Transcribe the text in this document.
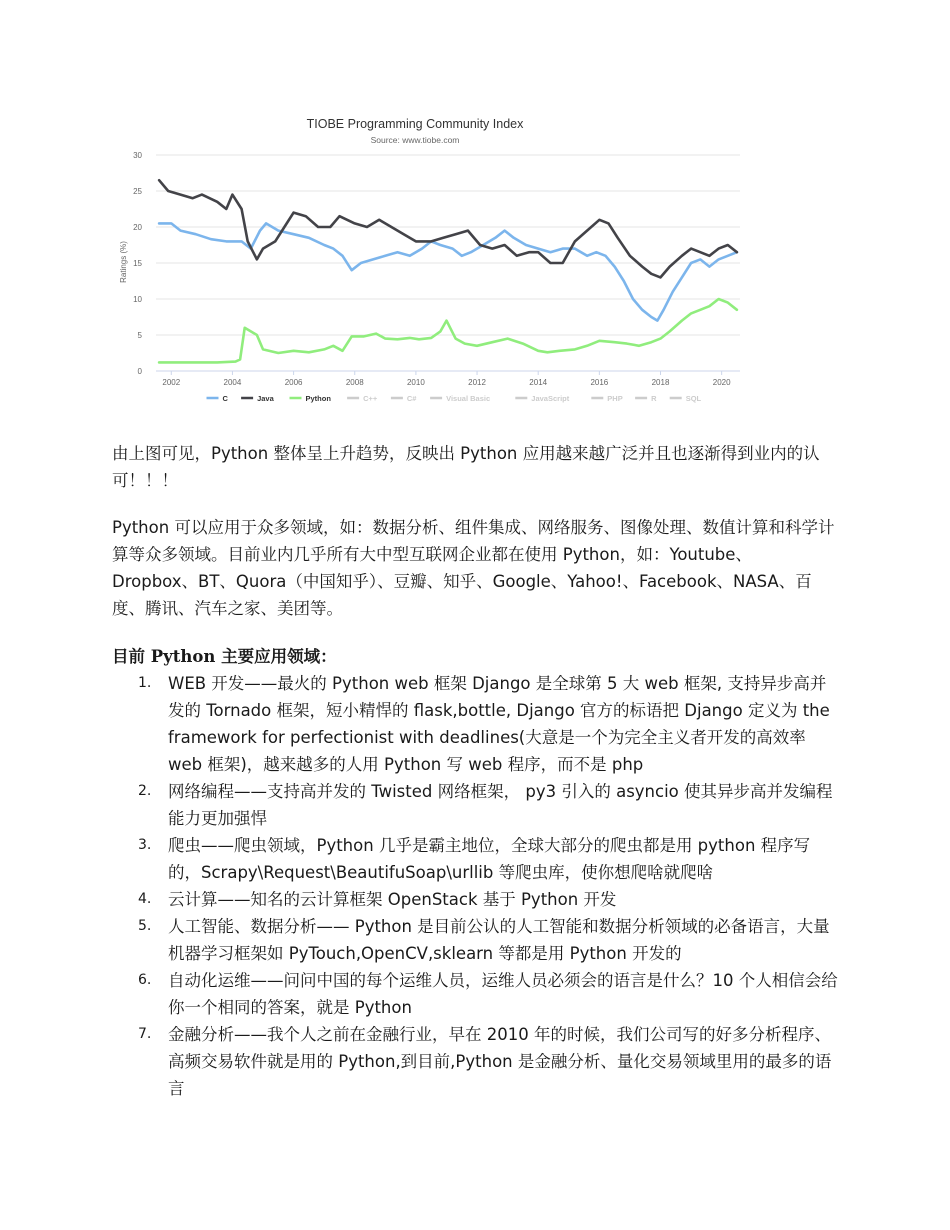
TIOBE Programming Community Index
Source: www.tiobe.com
Ratings (%)
0
5
10
15
20
25
30
2002	2004	2006	2008	2010	2012	2014	2016	2018	2020
C	Java	Python	C++	C#	Visual Basic	JavaScript	PHP	R	SQL

由上图可见，Python 整体呈上升趋势，反映出 Python 应用越来越广泛并且也逐渐得到业内的认可！！！

Python 可以应用于众多领域，如：数据分析、组件集成、网络服务、图像处理、数值计算和科学计算等众多领域。目前业内几乎所有大中型互联网企业都在使用 Python，如：Youtube、Dropbox、BT、Quora（中国知乎）、豆瓣、知乎、Google、Yahoo!、Facebook、NASA、百度、腾讯、汽车之家、美团等。

目前 Python 主要应用领域：

1. WEB 开发——最火的 Python web 框架 Django 是全球第 5 大 web 框架, 支持异步高并发的 Tornado 框架，短小精悍的 flask,bottle, Django 官方的标语把 Django 定义为 the framework for perfectionist with deadlines(大意是一个为完全主义者开发的高效率 web 框架)，越来越多的人用 Python 写 web 程序，而不是 php
2. 网络编程——支持高并发的 Twisted 网络框架， py3 引入的 asyncio 使其异步高并发编程能力更加强悍
3. 爬虫——爬虫领域，Python 几乎是霸主地位，全球大部分的爬虫都是用 python 程序写的，Scrapy\Request\BeautifuSoap\urllib 等爬虫库，使你想爬啥就爬啥
4. 云计算——知名的云计算框架 OpenStack 基于 Python 开发
5. 人工智能、数据分析—— Python 是目前公认的人工智能和数据分析领域的必备语言，大量机器学习框架如 PyTouch,OpenCV,sklearn 等都是用 Python 开发的
6. 自动化运维——问问中国的每个运维人员，运维人员必须会的语言是什么？10 个人相信会给你一个相同的答案，就是 Python
7. 金融分析——我个人之前在金融行业，早在 2010 年的时候，我们公司写的好多分析程序、高频交易软件就是用的 Python,到目前,Python 是金融分析、量化交易领域里用的最多的语言
